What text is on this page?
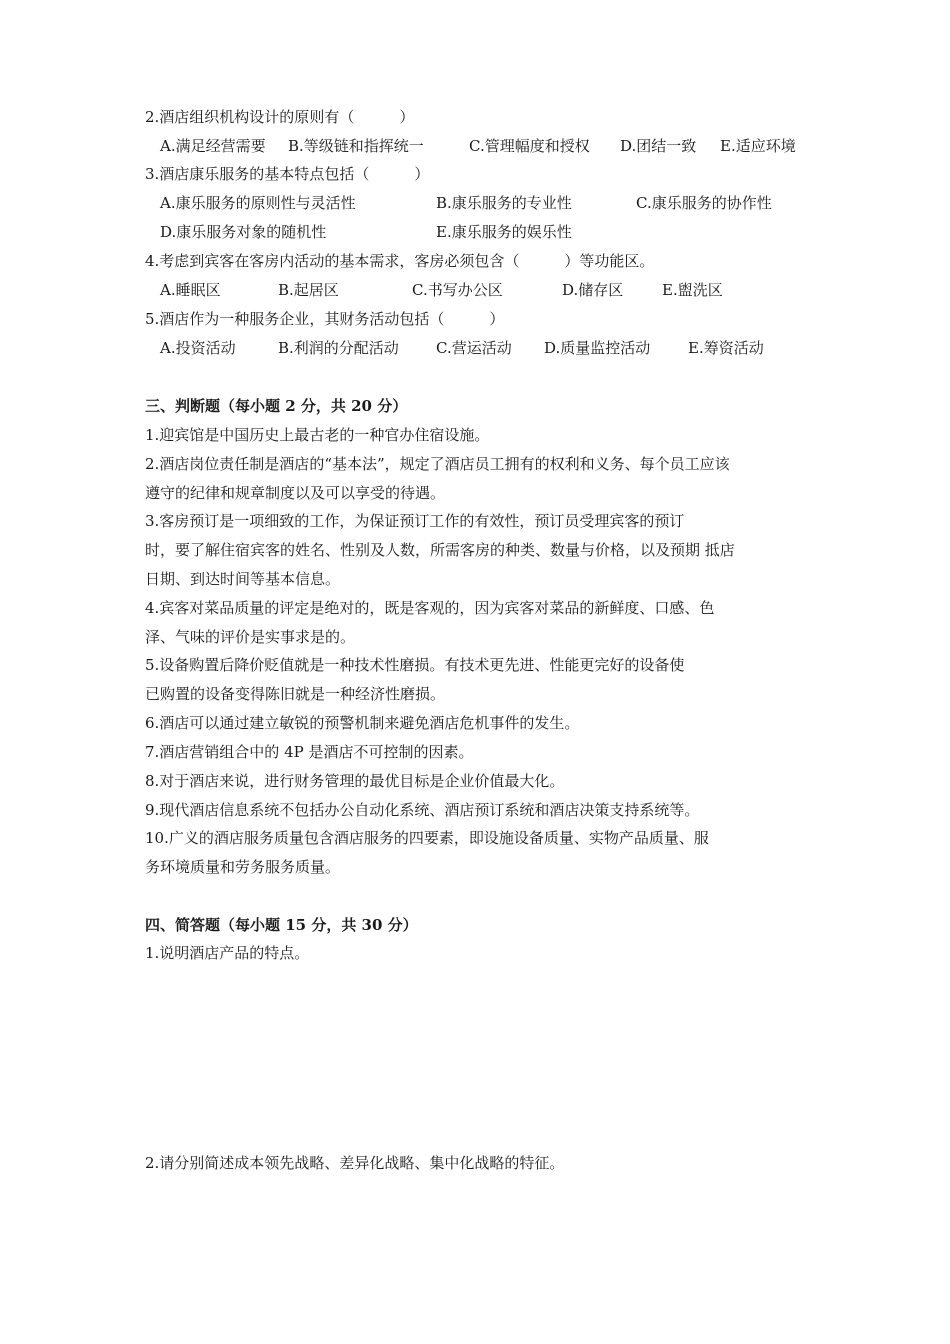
2.酒店组织机构设计的原则有（　　　）
A.满足经营需要 B.等级链和指挥统一	C.管理幅度和授权 D.团结一致 E.适应环境
3.酒店康乐服务的基本特点包括（　　　）
A.康乐服务的原则性与灵活性	B.康乐服务的专业性	C.康乐服务的协作性
D.康乐服务对象的随机性	E.康乐服务的娱乐性
4.考虑到宾客在客房内活动的基本需求，客房必须包含（　　　）等功能区。
A.睡眠区	B.起居区	C.书写办公区	D.储存区	E.盥洗区
5.酒店作为一种服务企业，其财务活动包括（　　　）
A.投资活动	B.利润的分配活动 C.营运活动 D.质量监控活动	E.筹资活动
三、判断题（每小题 2 分，共 20 分）
1.迎宾馆是中国历史上最古老的一种官办住宿设施。
2.酒店岗位责任制是酒店的“基本法”，规定了酒店员工拥有的权利和义务、每个员工应该
遵守的纪律和规章制度以及可以享受的待遇。
3.客房预订是一项细致的工作，为保证预订工作的有效性，预订员受理宾客的预订
时，要了解住宿宾客的姓名、性别及人数，所需客房的种类、数量与价格，以及预期 抵店
日期、到达时间等基本信息。
4.宾客对菜品质量的评定是绝对的，既是客观的，因为宾客对菜品的新鲜度、口感、色
泽、气味的评价是实事求是的。
5.设备购置后降价贬值就是一种技术性磨损。有技术更先进、性能更完好的设备使
已购置的设备变得陈旧就是一种经济性磨损。
6.酒店可以通过建立敏锐的预警机制来避免酒店危机事件的发生。
7.酒店营销组合中的 4P 是酒店不可控制的因素。
8.对于酒店来说，进行财务管理的最优目标是企业价值最大化。
9.现代酒店信息系统不包括办公自动化系统、酒店预订系统和酒店决策支持系统等。
10.广义的酒店服务质量包含酒店服务的四要素，即设施设备质量、实物产品质量、服
务环境质量和劳务服务质量。
四、简答题（每小题 15 分，共 30 分）
1.说明酒店产品的特点。
2.请分别简述成本领先战略、差异化战略、集中化战略的特征。
